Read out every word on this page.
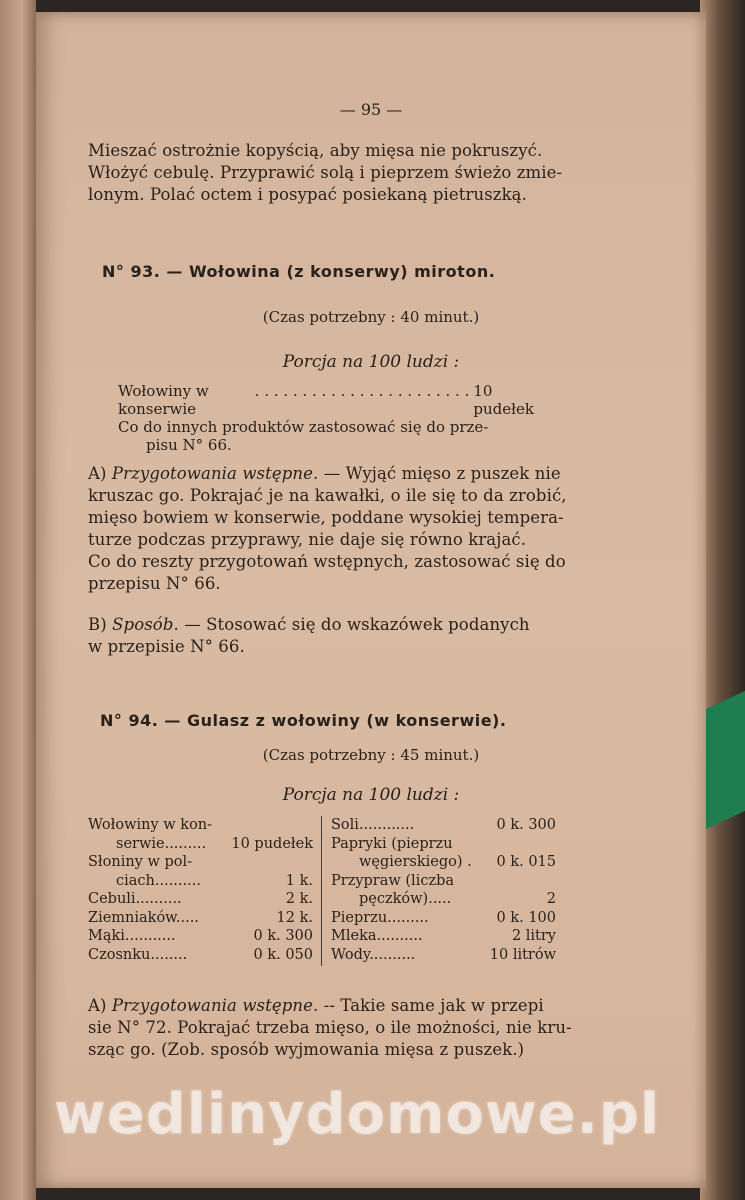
— 95 —
Mieszać ostrożnie kopyścią, aby mięsa nie pokruszyć.
Włożyć cebulę. Przyprawić solą i pieprzem świeżo zmie-
lonym. Polać octem i posypać posiekaną pietruszką.
N° 93. — Wołowina (z konserwy) miroton.
(Czas potrzebny : 40 minut.)
Porcja na 100 ludzi :
Wołowiny w konserwie
. . . . . . . . . . . . . . . . . . . . . . . 10 pudełek
Co do innych produktów zastosować się do prze-
pisu N° 66.
A) Przygotowania wstępne. — Wyjąć mięso z puszek nie
kruszac go. Pokrajać je na kawałki, o ile się to da zrobić,
mięso bowiem w konserwie, poddane wysokiej tempera-
turze podczas przyprawy, nie daje się równo krajać.
Co do reszty przygotowań wstępnych, zastosować się do
przepisu N° 66.
B) Sposób. — Stosować się do wskazówek podanych
w przepisie N° 66.
N° 94. — Gulasz z wołowiny (w konserwie).
(Czas potrzebny : 45 minut.)
Porcja na 100 ludzi :
Wołowiny w kon-
serwie......... 10 pudełek
Słoniny w pol-
ciach..........	1 k.
Cebuli..........	2 k.
Ziemniaków.....	12 k.
Mąki...........	0 k. 300
Czosnku........	0 k. 050
Soli............	0 k. 300
Papryki (pieprzu
węgierskiego) . 0 k. 015
Przypraw (liczba
pęczków).....	2
Pieprzu.........	0 k. 100
Mleka..........	2 litry
Wody..........	10 litrów
A) Przygotowania wstępne. -- Takie same jak w przepi
sie N° 72. Pokrajać trzeba mięso, o ile możności, nie kru-
sząc go. (Zob. sposób wyjmowania mięsa z puszek.)
wedlinydomowe.pl
